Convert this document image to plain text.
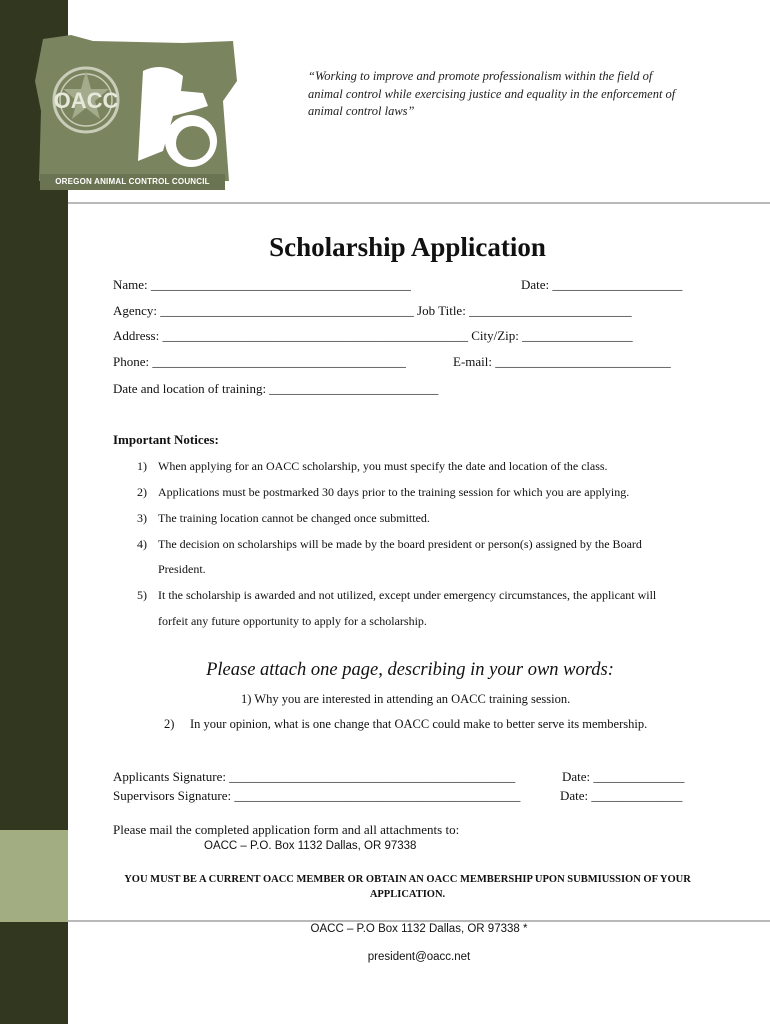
OACC
OREGON ANIMAL CONTROL COUNCIL
“Working to improve and promote professionalism within the field of animal control while exercising justice and equality in the enforcement of animal control laws”
Scholarship Application
Name: ________________________________________	Date: ____________________
Agency: _______________________________________ Job Title: _________________________
Address: _______________________________________________ City/Zip: _________________
Phone: _______________________________________	E-mail: ___________________________
Date and location of training: __________________________
Important Notices:
1) When applying for an OACC scholarship, you must specify the date and location of the class.
2) Applications must be postmarked 30 days prior to the training session for which you are applying.
3) The training location cannot be changed once submitted.
4) The decision on scholarships will be made by the board president or person(s) assigned by the Board
President.
5) It the scholarship is awarded and not utilized, except under emergency circumstances, the applicant will
forfeit any future opportunity to apply for a scholarship.
Please attach one page, describing in your own words:
1) Why you are interested in attending an OACC training session.
2) In your opinion, what is one change that OACC could make to better serve its membership.
Applicants Signature: ____________________________________________	Date: ______________
Supervisors Signature: ____________________________________________	Date: ______________
Please mail the completed application form and all attachments to:
OACC – P.O. Box 1132 Dallas, OR 97338
YOU MUST BE A CURRENT OACC MEMBER OR OBTAIN AN OACC MEMBERSHIP UPON SUBMIUSSION OF YOUR APPLICATION.
OACC – P.O Box 1132 Dallas, OR 97338 *
president@oacc.net
